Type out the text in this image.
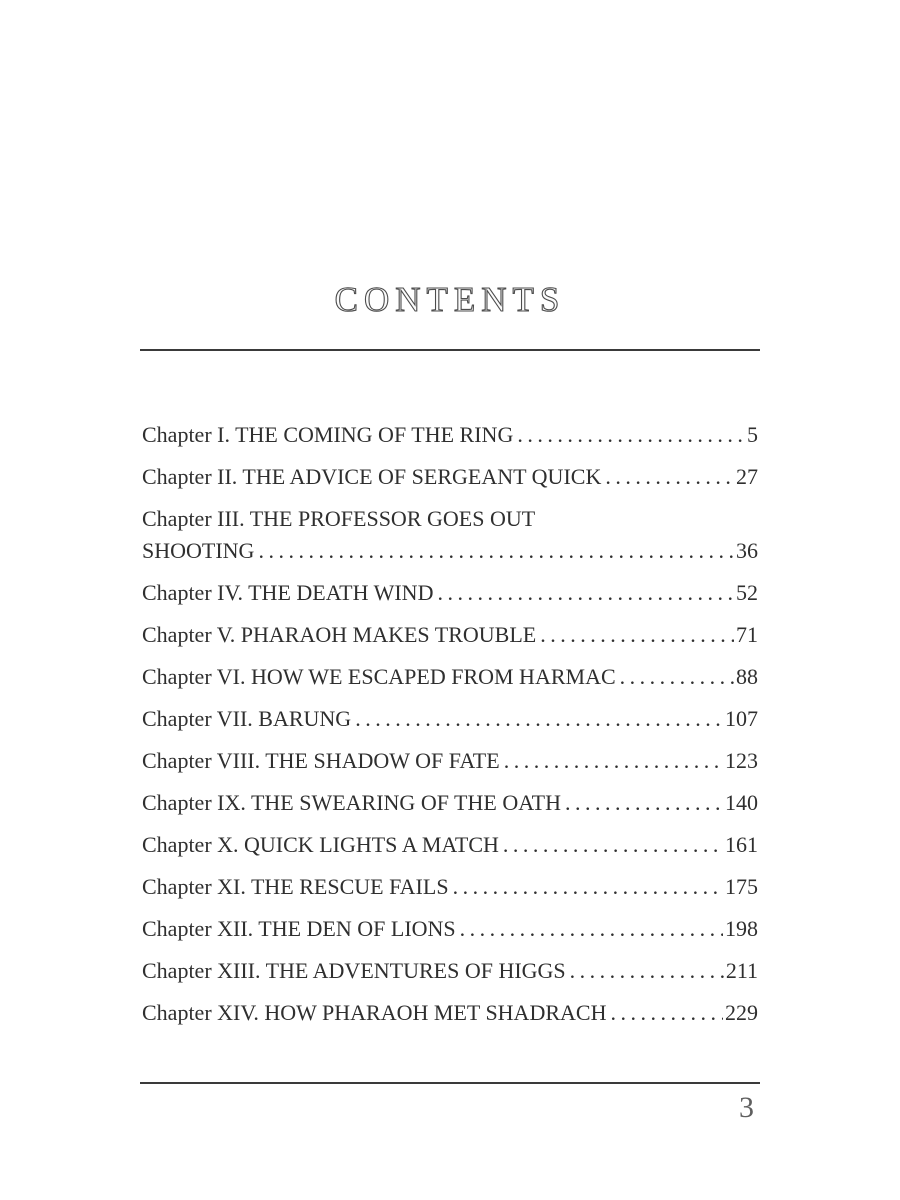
CONTENTS
Chapter I. THE COMING OF THE RING .....	5
Chapter II. THE ADVICE OF SERGEANT QUICK .....	27
Chapter III. THE PROFESSOR GOES OUT
SHOOTING .....	36
Chapter IV. THE DEATH WIND .....	52
Chapter V. PHARAOH MAKES TROUBLE .....	71
Chapter VI. HOW WE ESCAPED FROM HARMAC .....	88
Chapter VII. BARUNG .....	107
Chapter VIII. THE SHADOW OF FATE .....	123
Chapter IX. THE SWEARING OF THE OATH .....	140
Chapter X. QUICK LIGHTS A MATCH .....	161
Chapter XI. THE RESCUE FAILS .....	175
Chapter XII. THE DEN OF LIONS .....	198
Chapter XIII. THE ADVENTURES OF HIGGS .....	211
Chapter XIV. HOW PHARAOH MET SHADRACH .....	229
3
